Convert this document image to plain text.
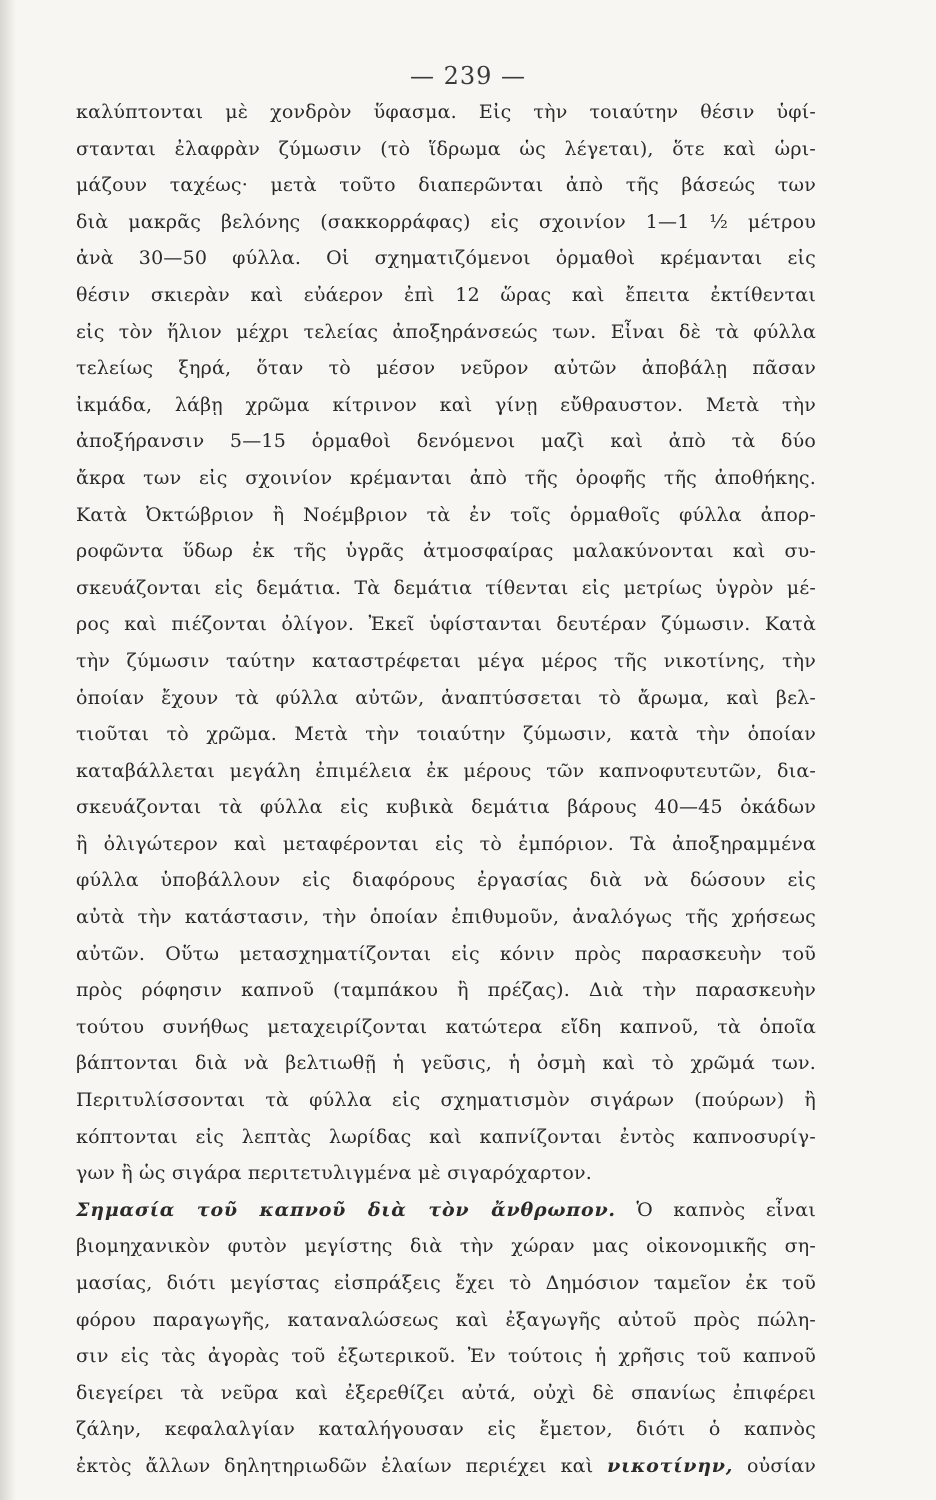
— 239 —
καλύπτονται μὲ χονδρὸν ὕφασμα. Εἰς τὴν τοιαύτην θέσιν ὑφί-
στανται ἐλαφρὰν ζύμωσιν (τὸ ἵδρωμα ὡς λέγεται), ὅτε καὶ ὡρι-
μάζουν ταχέως· μετὰ τοῦτο διαπερῶνται ἀπὸ τῆς βάσεώς των
διὰ μακρᾶς βελόνης (σακκορράφας) εἰς σχοινίον 1—1 ½ μέτρου
ἀνὰ 30—50 φύλλα. Οἱ σχηματιζόμενοι ὁρμαθοὶ κρέμανται εἰς
θέσιν σκιερὰν καὶ εὐάερον ἐπὶ 12 ὥρας καὶ ἔπειτα ἐκτίθενται
εἰς τὸν ἥλιον μέχρι τελείας ἀποξηράνσεώς των. Εἶναι δὲ τὰ φύλλα
τελείως ξηρά, ὅταν τὸ μέσον νεῦρον αὐτῶν ἀποβάλῃ πᾶσαν
ἰκμάδα, λάβῃ χρῶμα κίτρινον καὶ γίνῃ εὔθραυστον. Μετὰ τὴν
ἀποξήρανσιν 5—15 ὁρμαθοὶ δενόμενοι μαζὶ καὶ ἀπὸ τὰ δύο
ἄκρα των εἰς σχοινίον κρέμανται ἀπὸ τῆς ὀροφῆς τῆς ἀποθήκης.
Κατὰ Ὀκτώβριον ἢ Νοέμβριον τὰ ἐν τοῖς ὁρμαθοῖς φύλλα ἀπορ-
ροφῶντα ὕδωρ ἐκ τῆς ὑγρᾶς ἀτμοσφαίρας μαλακύνονται καὶ συ-
σκευάζονται εἰς δεμάτια. Τὰ δεμάτια τίθενται εἰς μετρίως ὑγρὸν μέ-
ρος καὶ πιέζονται ὀλίγον. Ἐκεῖ ὑφίστανται δευτέραν ζύμωσιν. Κατὰ
τὴν ζύμωσιν ταύτην καταστρέφεται μέγα μέρος τῆς νικοτίνης, τὴν
ὁποίαν ἔχουν τὰ φύλλα αὐτῶν, ἀναπτύσσεται τὸ ἄρωμα, καὶ βελ-
τιοῦται τὸ χρῶμα. Μετὰ τὴν τοιαύτην ζύμωσιν, κατὰ τὴν ὁποίαν
καταβάλλεται μεγάλη ἐπιμέλεια ἐκ μέρους τῶν καπνοφυτευτῶν, δια-
σκευάζονται τὰ φύλλα εἰς κυβικὰ δεμάτια βάρους 40—45 ὀκάδων
ἢ ὀλιγώτερον καὶ μεταφέρονται εἰς τὸ ἐμπόριον. Τὰ ἀποξηραμμένα
φύλλα ὑποβάλλουν εἰς διαφόρους ἐργασίας διὰ νὰ δώσουν εἰς
αὐτὰ τὴν κατάστασιν, τὴν ὁποίαν ἐπιθυμοῦν, ἀναλόγως τῆς χρήσεως
αὐτῶν. Οὕτω μετασχηματίζονται εἰς κόνιν πρὸς παρασκευὴν τοῦ
πρὸς ρόφησιν καπνοῦ (ταμπάκου ἢ πρέζας). Διὰ τὴν παρασκευὴν
τούτου συνήθως μεταχειρίζονται κατώτερα εἴδη καπνοῦ, τὰ ὁποῖα
βάπτονται διὰ νὰ βελτιωθῇ ἡ γεῦσις, ἡ ὀσμὴ καὶ τὸ χρῶμά των.
Περιτυλίσσονται τὰ φύλλα εἰς σχηματισμὸν σιγάρων (πούρων) ἢ
κόπτονται εἰς λεπτὰς λωρίδας καὶ καπνίζονται ἐντὸς καπνοσυρίγ-
γων ἢ ὡς σιγάρα περιτετυλιγμένα μὲ σιγαρόχαρτον.
Σημασία τοῦ καπνοῦ διὰ τὸν ἄνθρωπον. Ὁ καπνὸς εἶναι
βιομηχανικὸν φυτὸν μεγίστης διὰ τὴν χώραν μας οἰκονομικῆς ση-
μασίας, διότι μεγίστας εἰσπράξεις ἔχει τὸ Δημόσιον ταμεῖον ἐκ τοῦ
φόρου παραγωγῆς, καταναλώσεως καὶ ἐξαγωγῆς αὐτοῦ πρὸς πώλη-
σιν εἰς τὰς ἀγορὰς τοῦ ἐξωτερικοῦ. Ἐν τούτοις ἡ χρῆσις τοῦ καπνοῦ
διεγείρει τὰ νεῦρα καὶ ἐξερεθίζει αὐτά, οὐχὶ δὲ σπανίως ἐπιφέρει
ζάλην, κεφαλαλγίαν καταλήγουσαν εἰς ἔμετον, διότι ὁ καπνὸς
ἐκτὸς ἄλλων δηλητηριωδῶν ἐλαίων περιέχει καὶ νικοτίνην, οὐσίαν
